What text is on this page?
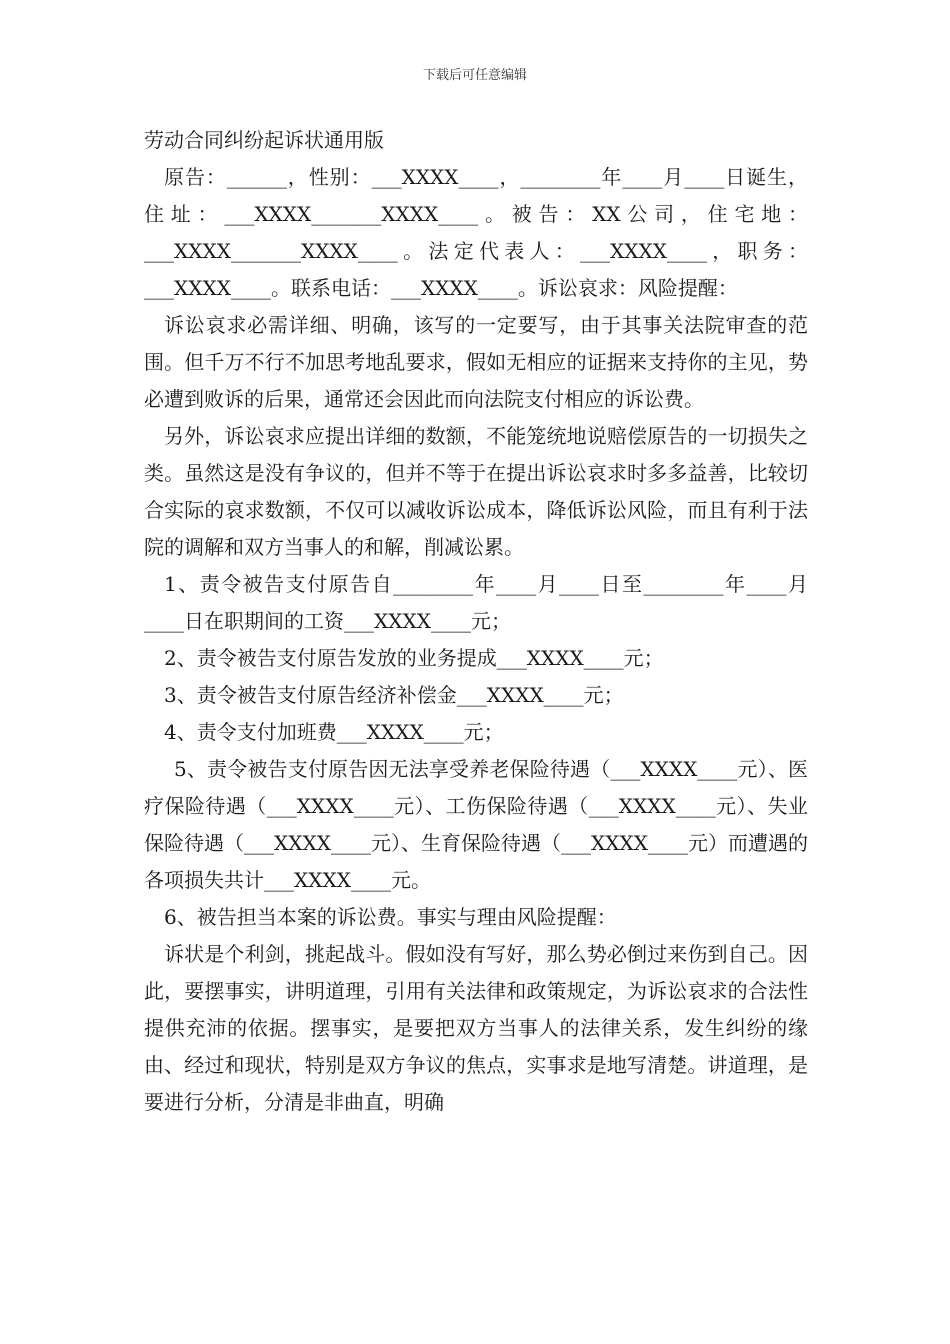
下载后可任意编辑
劳动合同纠纷起诉状通用版

原告：______，性别：___XXXX____，________年____月____日诞生，住址：___XXXX_______XXXX____。被告：XX公司，住宅地：___XXXX_______XXXX____。法定代表人：___XXXX____，职务：___XXXX____。联系电话：___XXXX____。诉讼哀求：风险提醒：

诉讼哀求必需详细、明确，该写的一定要写，由于其事关法院审查的范围。但千万不行不加思考地乱要求，假如无相应的证据来支持你的主见，势必遭到败诉的后果，通常还会因此而向法院支付相应的诉讼费。

另外，诉讼哀求应提出详细的数额，不能笼统地说赔偿原告的一切损失之类。虽然这是没有争议的，但并不等于在提出诉讼哀求时多多益善，比较切合实际的哀求数额，不仅可以减收诉讼成本，降低诉讼风险，而且有利于法院的调解和双方当事人的和解，削减讼累。

1、责令被告支付原告自________年____月____日至________年____月____日在职期间的工资___XXXX____元；

2、责令被告支付原告发放的业务提成___XXXX____元；

3、责令被告支付原告经济补偿金___XXXX____元；

4、责令支付加班费___XXXX____元；

5、责令被告支付原告因无法享受养老保险待遇（___XXXX____元）、医疗保险待遇（___XXXX____元）、工伤保险待遇（___XXXX____元）、失业保险待遇（___XXXX____元）、生育保险待遇（___XXXX____元）而遭遇的各项损失共计___XXXX____元。

6、被告担当本案的诉讼费。事实与理由风险提醒：

诉状是个利剑，挑起战斗。假如没有写好，那么势必倒过来伤到自己。因此，要摆事实，讲明道理，引用有关法律和政策规定，为诉讼哀求的合法性提供充沛的依据。摆事实，是要把双方当事人的法律关系，发生纠纷的缘由、经过和现状，特别是双方争议的焦点，实事求是地写清楚。讲道理，是要进行分析，分清是非曲直，明确
